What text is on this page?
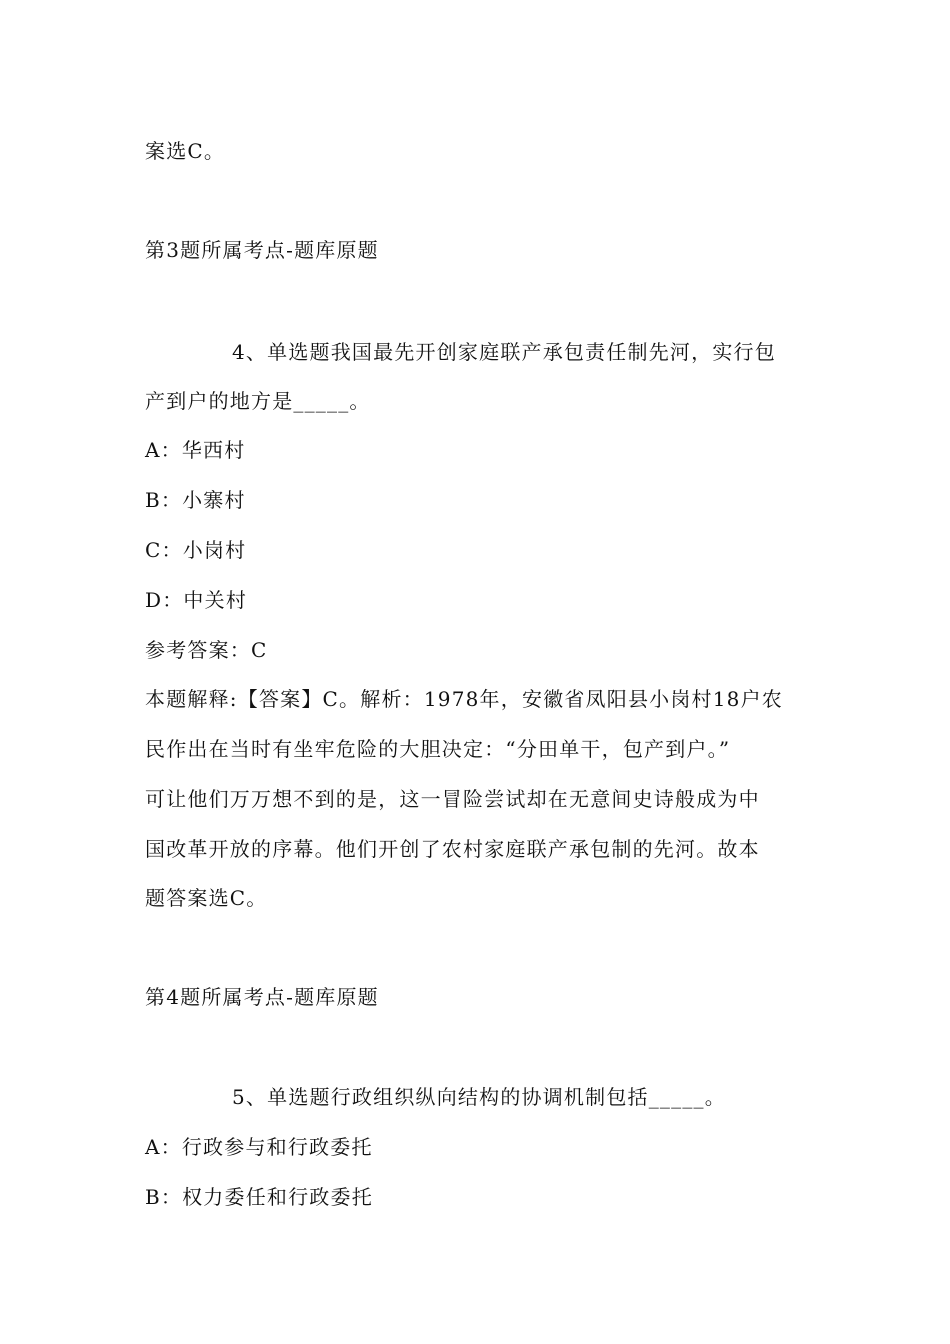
案选C。
第3题所属考点-题库原题
4、单选题我国最先开创家庭联产承包责任制先河，实行包
产到户的地方是_____。
A：华西村
B：小寨村
C：小岗村
D：中关村
参考答案：C
本题解释:【答案】C。解析：1978年，安徽省凤阳县小岗村18户农
民作出在当时有坐牢危险的大胆决定：“分田单干，包产到户。”
可让他们万万想不到的是，这一冒险尝试却在无意间史诗般成为中
国改革开放的序幕。他们开创了农村家庭联产承包制的先河。故本
题答案选C。
第4题所属考点-题库原题
5、单选题行政组织纵向结构的协调机制包括_____。
A：行政参与和行政委托
B：权力委任和行政委托
